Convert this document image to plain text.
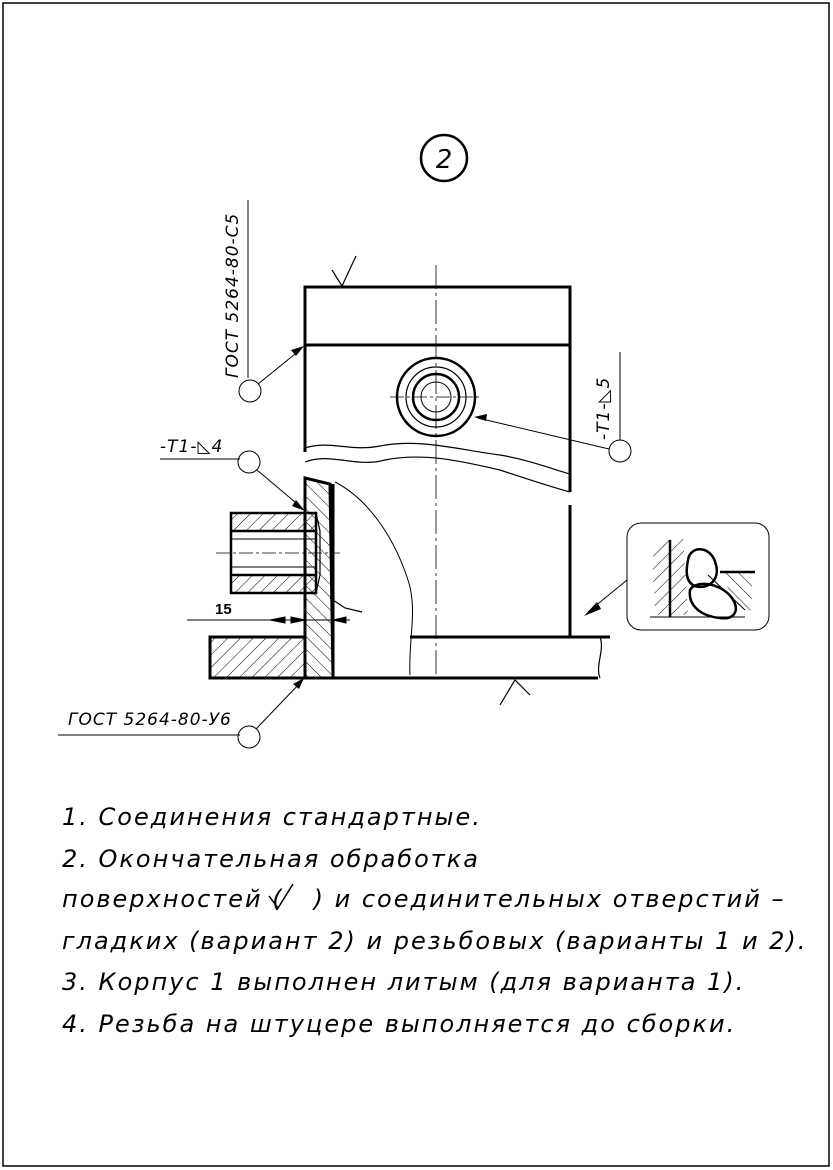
2
15
ГОСТ 5264-80-С5
-Т1-◺4
-Т1-◺5
ГОСТ 5264-80-У6
1. Соединения стандартные.
2. Окончательная обработка
поверхностей ( ) и соединительных отверстий –
гладких (вариант 2) и резьбовых (варианты 1 и 2).
3. Корпус 1 выполнен литым (для варианта 1).
4. Резьба на штуцере выполняется до сборки.
